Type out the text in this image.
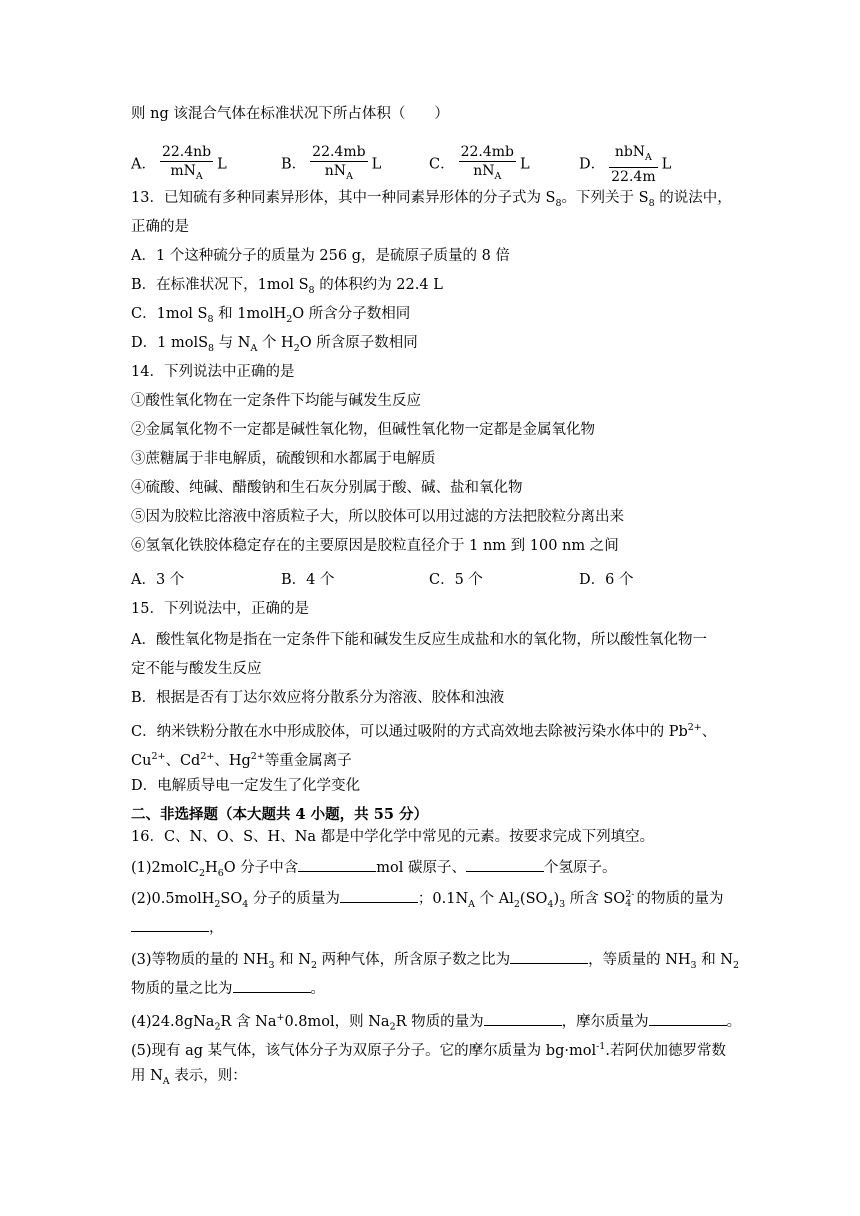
则 ng 该混合气体在标准状况下所占体积（　　）
A． $\frac{22.4nb}{mN_A}$ L	B． $\frac{22.4mb}{nN_A}$ L	C． $\frac{22.4mb}{nN_A}$ L	D． $\frac{nbN_A}{22.4m}$ L
13．已知硫有多种同素异形体，其中一种同素异形体的分子式为 $S_8$。下列关于 $S_8$ 的说法中，
正确的是
A．1 个这种硫分子的质量为 256 g，是硫原子质量的 8 倍
B．在标准状况下，1mol $S_8$ 的体积约为 22.4 L
C．1mol $S_8$ 和 1molH$_2$O 所含分子数相同
D．1 molS$_8$ 与 $N_A$ 个 $H_2O$ 所含原子数相同
14．下列说法中正确的是
①酸性氧化物在一定条件下均能与碱发生反应
②金属氧化物不一定都是碱性氧化物，但碱性氧化物一定都是金属氧化物
③蔗糖属于非电解质，硫酸钡和水都属于电解质
④硫酸、纯碱、醋酸钠和生石灰分别属于酸、碱、盐和氧化物
⑤因为胶粒比溶液中溶质粒子大，所以胶体可以用过滤的方法把胶粒分离出来
⑥氢氧化铁胶体稳定存在的主要原因是胶粒直径介于 1 nm 到 100 nm 之间
A．3 个	B．4 个	C．5 个	D．6 个
15．下列说法中，正确的是
A．酸性氧化物是指在一定条件下能和碱发生反应生成盐和水的氧化物，所以酸性氧化物一
定不能与酸发生反应
B．根据是否有丁达尔效应将分散系分为溶液、胶体和浊液
C．纳米铁粉分散在水中形成胶体，可以通过吸附的方式高效地去除被污染水体中的 $Pb^{2+}$、
$Cu^{2+}$、$Cd^{2+}$、$Hg^{2+}$等重金属离子
D．电解质导电一定发生了化学变化
二、非选择题（本大题共 4 小题，共 55 分）
16．C、N、O、S、H、Na 都是中学化学中常见的元素。按要求完成下列填空。
$(1)2molC_2H_6O$ 分子中含	mol 碳原子、	个氢原子。
$(2)0.5molH_2SO_4$ 分子的质量为	；$0.1N_A$ 个 $Al_2(SO_4)_3$ 所含 SO 2-
4 的物质的量为
，
(3)等物质的量的 $NH_3$ 和 $N_2$ 两种气体，所含原子数之比为	，等质量的 $NH_3$ 和 $N_2$
物质的量之比为	。
(4)24.8gNa$_2$R 含 Na+0.8mol，则 $Na_2R$ 物质的量为	，摩尔质量为	。
(5)现有 ag 某气体，该气体分子为双原子分子。它的摩尔质量为 bg·mol$^{-1}$.若阿伏加德罗常数
用 $N_A$ 表示，则：
